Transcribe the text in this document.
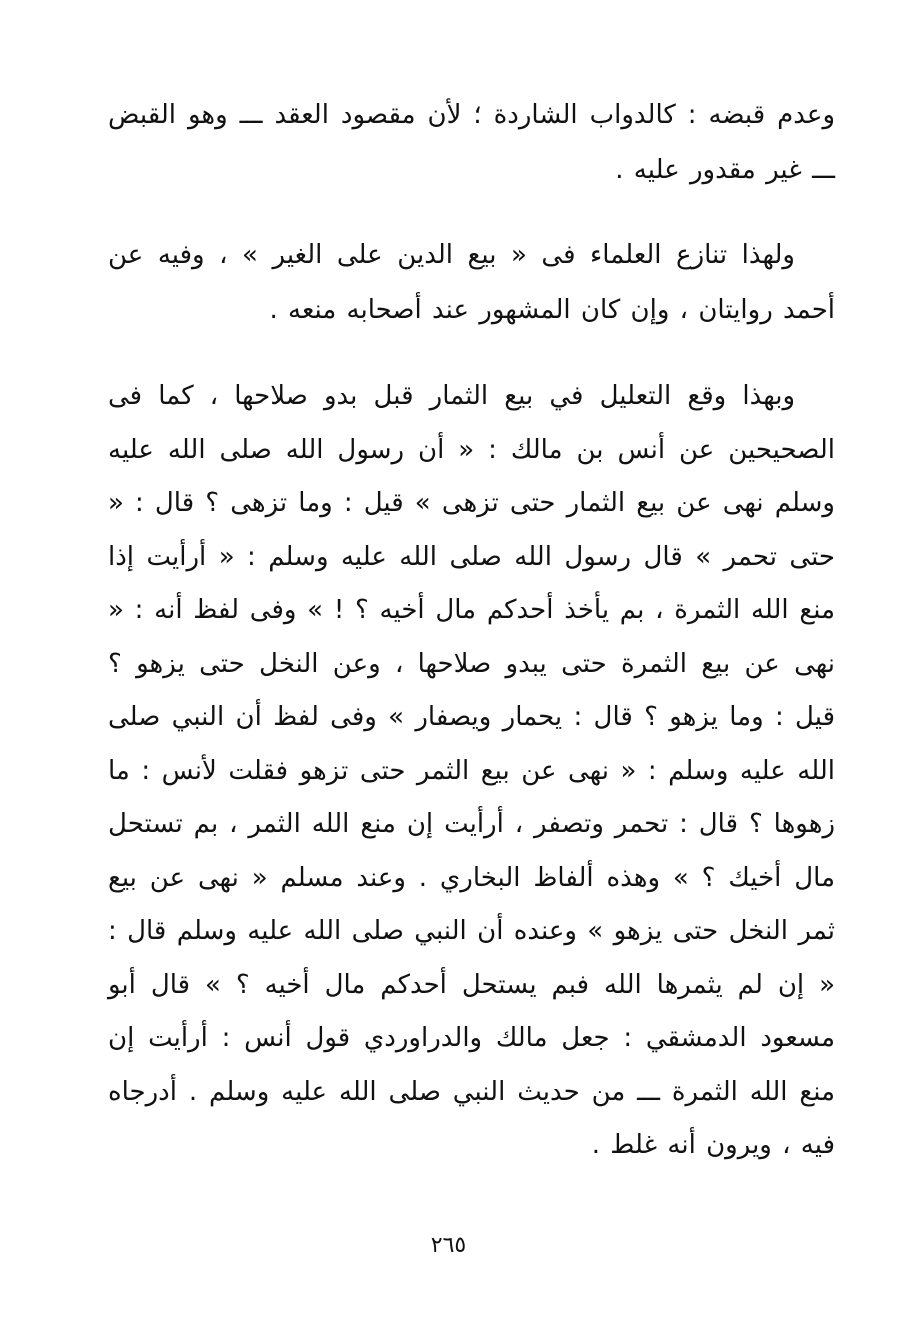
وعدم قبضه : كالدواب الشاردة ؛ لأن مقصود العقد ـــ وهو القبض ـــ غير مقدور عليه .

ولهذا تنازع العلماء فى « بيع الدين على الغير » ، وفيه عن أحمد روايتان ، وإن كان المشهور عند أصحابه منعه .

وبهذا وقع التعليل في بيع الثمار قبل بدو صلاحها ، كما فى الصحيحين عن أنس بن مالك : « أن رسول الله صلى الله عليه وسلم نهى عن بيع الثمار حتى تزهى » قيل : وما تزهى ؟ قال : « حتى تحمر » قال رسول الله صلى الله عليه وسلم : « أرأيت إذا منع الله الثمرة ، بم يأخذ أحدكم مال أخيه ؟ ! » وفى لفظ أنه : « نهى عن بيع الثمرة حتى يبدو صلاحها ، وعن النخل حتى يزهو ؟ قيل : وما يزهو ؟ قال : يحمار ويصفار » وفى لفظ أن النبي صلى الله عليه وسلم : « نهى عن بيع الثمر حتى تزهو فقلت لأنس : ما زهوها ؟ قال : تحمر وتصفر ، أرأيت إن منع الله الثمر ، بم تستحل مال أخيك ؟ » وهذه ألفاظ البخاري . وعند مسلم « نهى عن بيع ثمر النخل حتى يزهو » وعنده أن النبي صلى الله عليه وسلم قال : « إن لم يثمرها الله فبم يستحل أحدكم مال أخيه ؟ » قال أبو مسعود الدمشقي : جعل مالك والدراوردي قول أنس : أرأيت إن منع الله الثمرة ـــ من حديث النبي صلى الله عليه وسلم . أدرجاه فيه ، ويرون أنه غلط .

٢٦٥
